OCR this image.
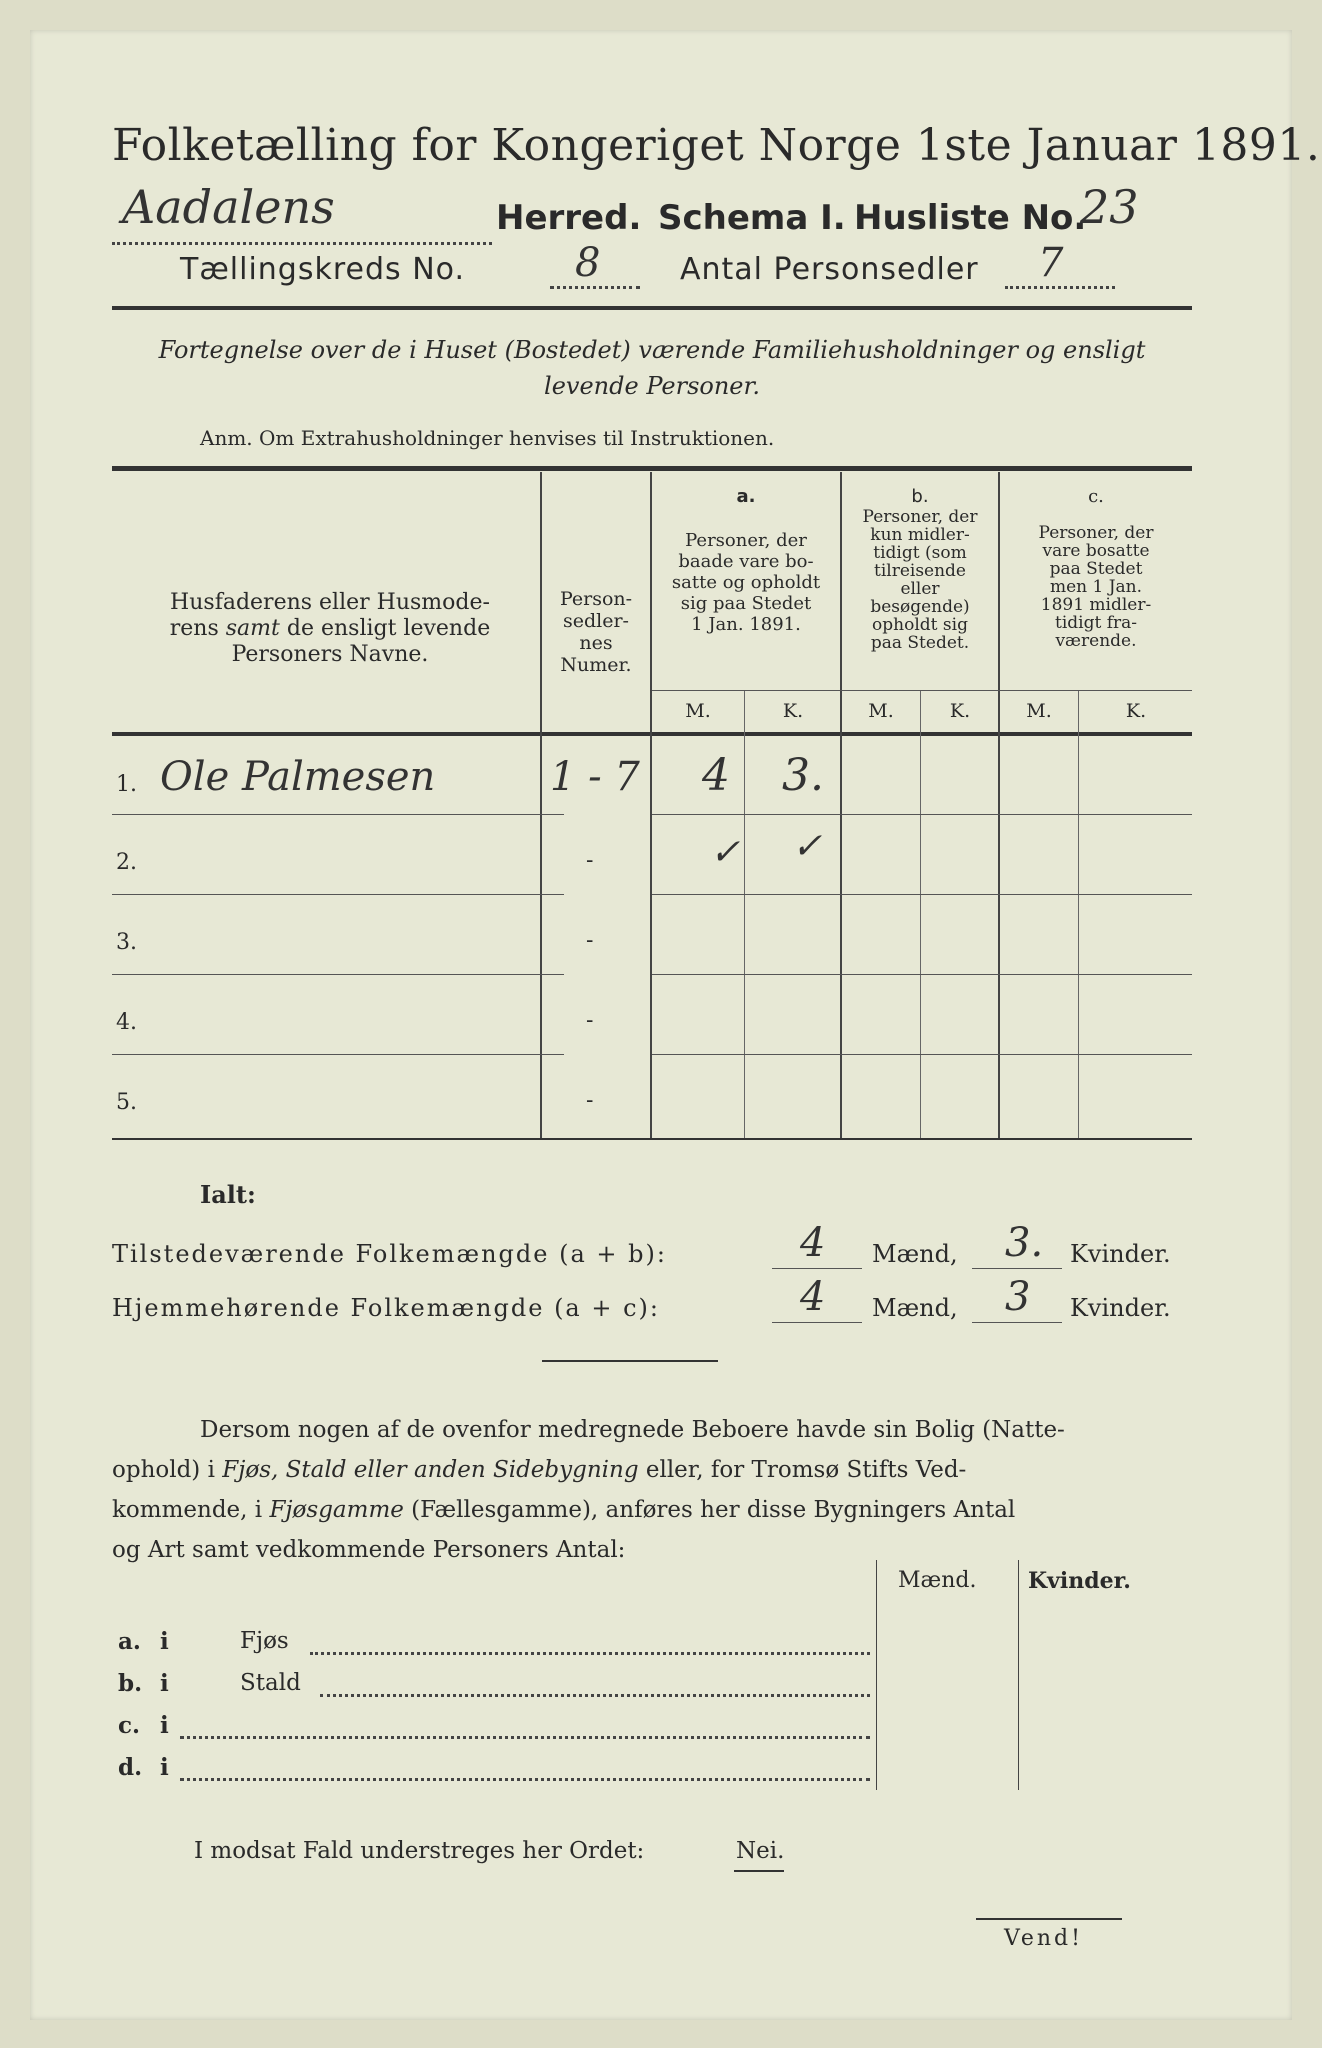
Folketælling for Kongeriget Norge 1ste Januar 1891.
Aadalens	Herred. Schema I. Husliste No.
23
Tællingskreds No.	8	Antal Personsedler 7
Fortegnelse over de i Huset (Bostedet) værende Familiehusholdninger og ensligt
levende Personer.
Anm. Om Extrahusholdninger henvises til Instruktionen.
Husfaderens eller Husmode-
rens samt de ensligt levende
Personers Navne.
Person-
sedler-
nes
Numer.
a.
Personer, der
baade vare bo-
satte og opholdt
sig paa Stedet
1 Jan. 1891.
b.
Personer, der
kun midler-
tidigt (som
tilreisende
eller
besøgende)
opholdt sig
paa Stedet.
c.
Personer, der
vare bosatte
paa Stedet
men 1 Jan.
1891 midler-
tidigt fra-
værende.
M.	K.	M.	K.	M.	K.
1. Ole Palmesen	1 - 7 4 3.
2.	-	✓ ✓
3.	-
4.	-
5.	-
Ialt:
Tilstedeværende Folkemængde (a + b):	4 Mænd, 3. Kvinder.
Hjemmehørende Folkemængde (a + c):	4 Mænd, 3 Kvinder.
Dersom nogen af de ovenfor medregnede Beboere havde sin Bolig (Natte-
ophold) i Fjøs, Stald eller anden Sidebygning eller, for Tromsø Stifts Ved-
kommende, i Fjøsgamme (Fællesgamme), anføres her disse Bygningers Antal
og Art samt vedkommende Personers Antal:
Mænd. Kvinder.
a. i	Fjøs
b. i	Stald
c. i
d. i
I modsat Fald understreges her Ordet:	Nei.
Vend!
